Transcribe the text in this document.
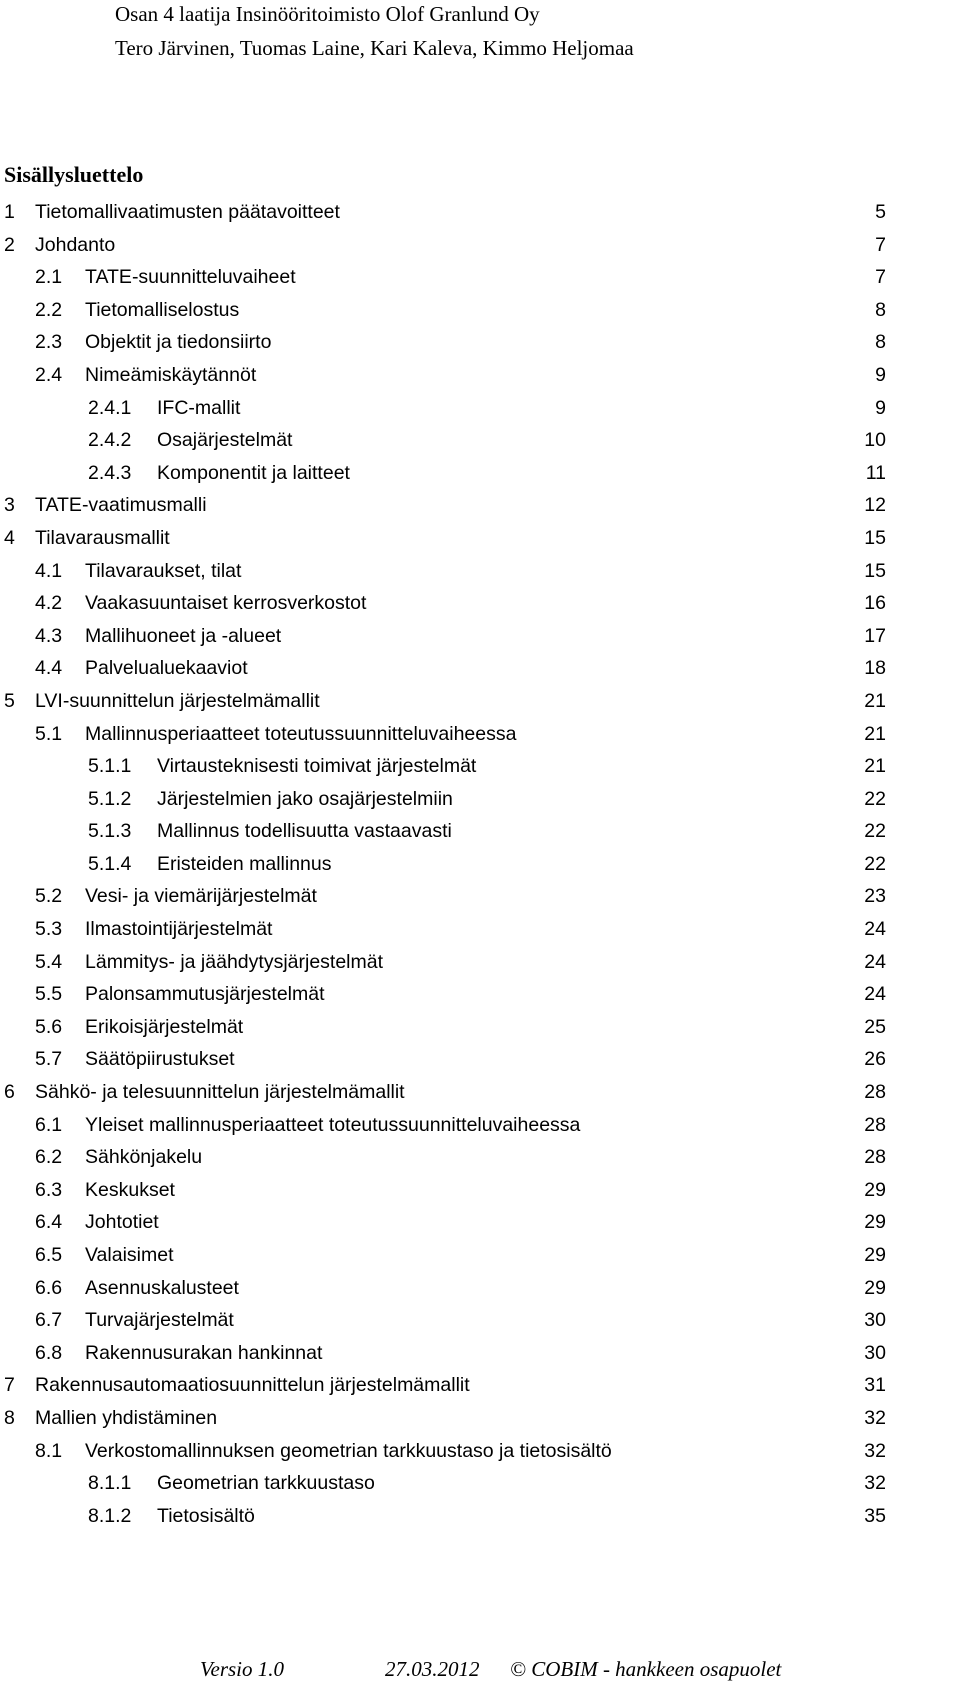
Osan 4 laatija Insinööritoimisto Olof Granlund Oy
Tero Järvinen, Tuomas Laine, Kari Kaleva, Kimmo Heljomaa
Sisällysluettelo
1 Tietomallivaatimusten päätavoitteet	5
2 Johdanto	7
2.1 TATE-suunnitteluvaiheet	7
2.2 Tietomalliselostus	8
2.3 Objektit ja tiedonsiirto	8
2.4 Nimeämiskäytännöt	9
2.4.1 IFC-mallit	9
2.4.2 Osajärjestelmät	10
2.4.3 Komponentit ja laitteet	11
3 TATE-vaatimusmalli	12
4 Tilavarausmallit	15
4.1 Tilavaraukset, tilat	15
4.2 Vaakasuuntaiset kerrosverkostot	16
4.3 Mallihuoneet ja -alueet	17
4.4 Palvelualuekaaviot	18
5 LVI-suunnittelun järjestelmämallit	21
5.1 Mallinnusperiaatteet toteutussuunnitteluvaiheessa	21
5.1.1 Virtausteknisesti toimivat järjestelmät	21
5.1.2 Järjestelmien jako osajärjestelmiin	22
5.1.3 Mallinnus todellisuutta vastaavasti	22
5.1.4 Eristeiden mallinnus	22
5.2 Vesi- ja viemärijärjestelmät	23
5.3 Ilmastointijärjestelmät	24
5.4 Lämmitys- ja jäähdytysjärjestelmät	24
5.5 Palonsammutusjärjestelmät	24
5.6 Erikoisjärjestelmät	25
5.7 Säätöpiirustukset	26
6 Sähkö- ja telesuunnittelun järjestelmämallit	28
6.1 Yleiset mallinnusperiaatteet toteutussuunnitteluvaiheessa	28
6.2 Sähkönjakelu	28
6.3 Keskukset	29
6.4 Johtotiet	29
6.5 Valaisimet	29
6.6 Asennuskalusteet	29
6.7 Turvajärjestelmät	30
6.8 Rakennusurakan hankinnat	30
7 Rakennusautomaatiosuunnittelun järjestelmämallit	31
8 Mallien yhdistäminen	32
8.1 Verkostomallinnuksen geometrian tarkkuustaso ja tietosisältö	32
8.1.1 Geometrian tarkkuustaso	32
8.1.2 Tietosisältö	35
Versio 1.0	27.03.2012 © COBIM - hankkeen osapuolet
